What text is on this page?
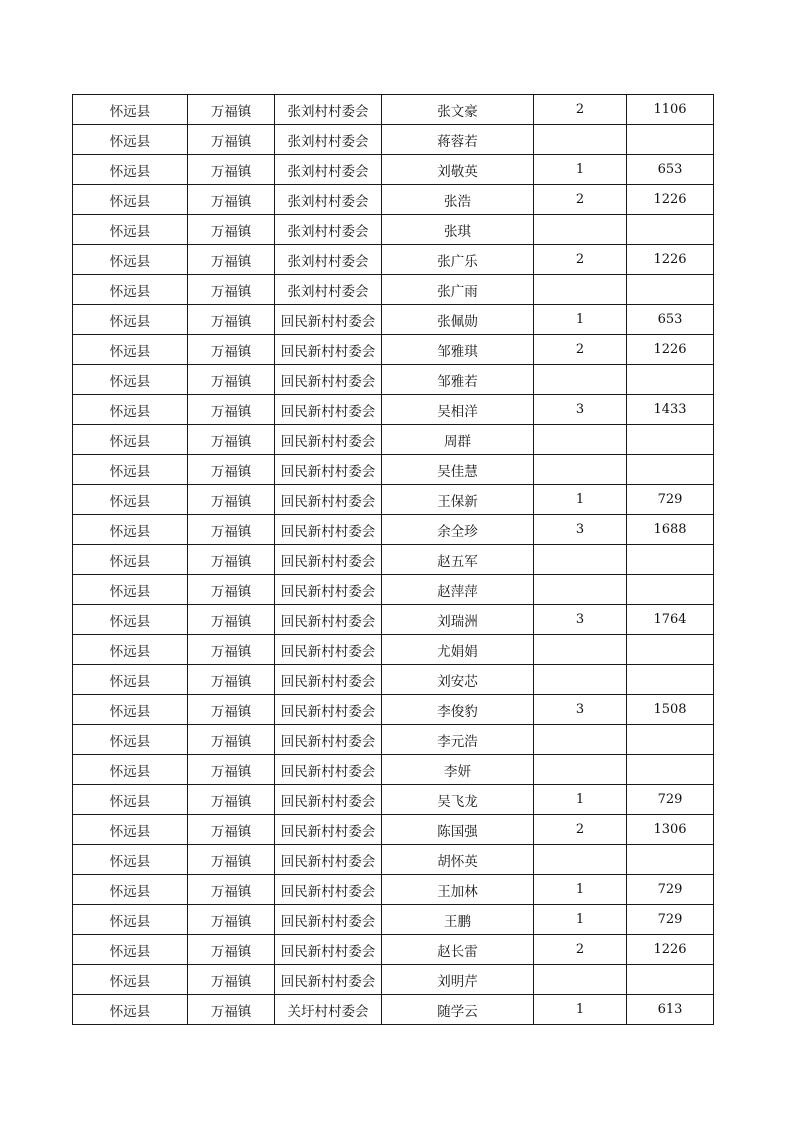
怀远县	万福镇	张刘村村委会	张文豪	2	1106
怀远县	万福镇	张刘村村委会	蒋蓉若		
怀远县	万福镇	张刘村村委会	刘敬英	1	653
怀远县	万福镇	张刘村村委会	张浩	2	1226
怀远县	万福镇	张刘村村委会	张琪		
怀远县	万福镇	张刘村村委会	张广乐	2	1226
怀远县	万福镇	张刘村村委会	张广雨		
怀远县	万福镇	回民新村村委会	张佩勋	1	653
怀远县	万福镇	回民新村村委会	邹雅琪	2	1226
怀远县	万福镇	回民新村村委会	邹雅若		
怀远县	万福镇	回民新村村委会	吴相洋	3	1433
怀远县	万福镇	回民新村村委会	周群		
怀远县	万福镇	回民新村村委会	吴佳慧		
怀远县	万福镇	回民新村村委会	王保新	1	729
怀远县	万福镇	回民新村村委会	余全珍	3	1688
怀远县	万福镇	回民新村村委会	赵五军		
怀远县	万福镇	回民新村村委会	赵萍萍		
怀远县	万福镇	回民新村村委会	刘瑞洲	3	1764
怀远县	万福镇	回民新村村委会	尤娟娟		
怀远县	万福镇	回民新村村委会	刘安芯		
怀远县	万福镇	回民新村村委会	李俊豹	3	1508
怀远县	万福镇	回民新村村委会	李元浩		
怀远县	万福镇	回民新村村委会	李妍		
怀远县	万福镇	回民新村村委会	吴飞龙	1	729
怀远县	万福镇	回民新村村委会	陈国强	2	1306
怀远县	万福镇	回民新村村委会	胡怀英		
怀远县	万福镇	回民新村村委会	王加林	1	729
怀远县	万福镇	回民新村村委会	王鹏	1	729
怀远县	万福镇	回民新村村委会	赵长雷	2	1226
怀远县	万福镇	回民新村村委会	刘明芹		
怀远县	万福镇	关圩村村委会	随学云	1	613
